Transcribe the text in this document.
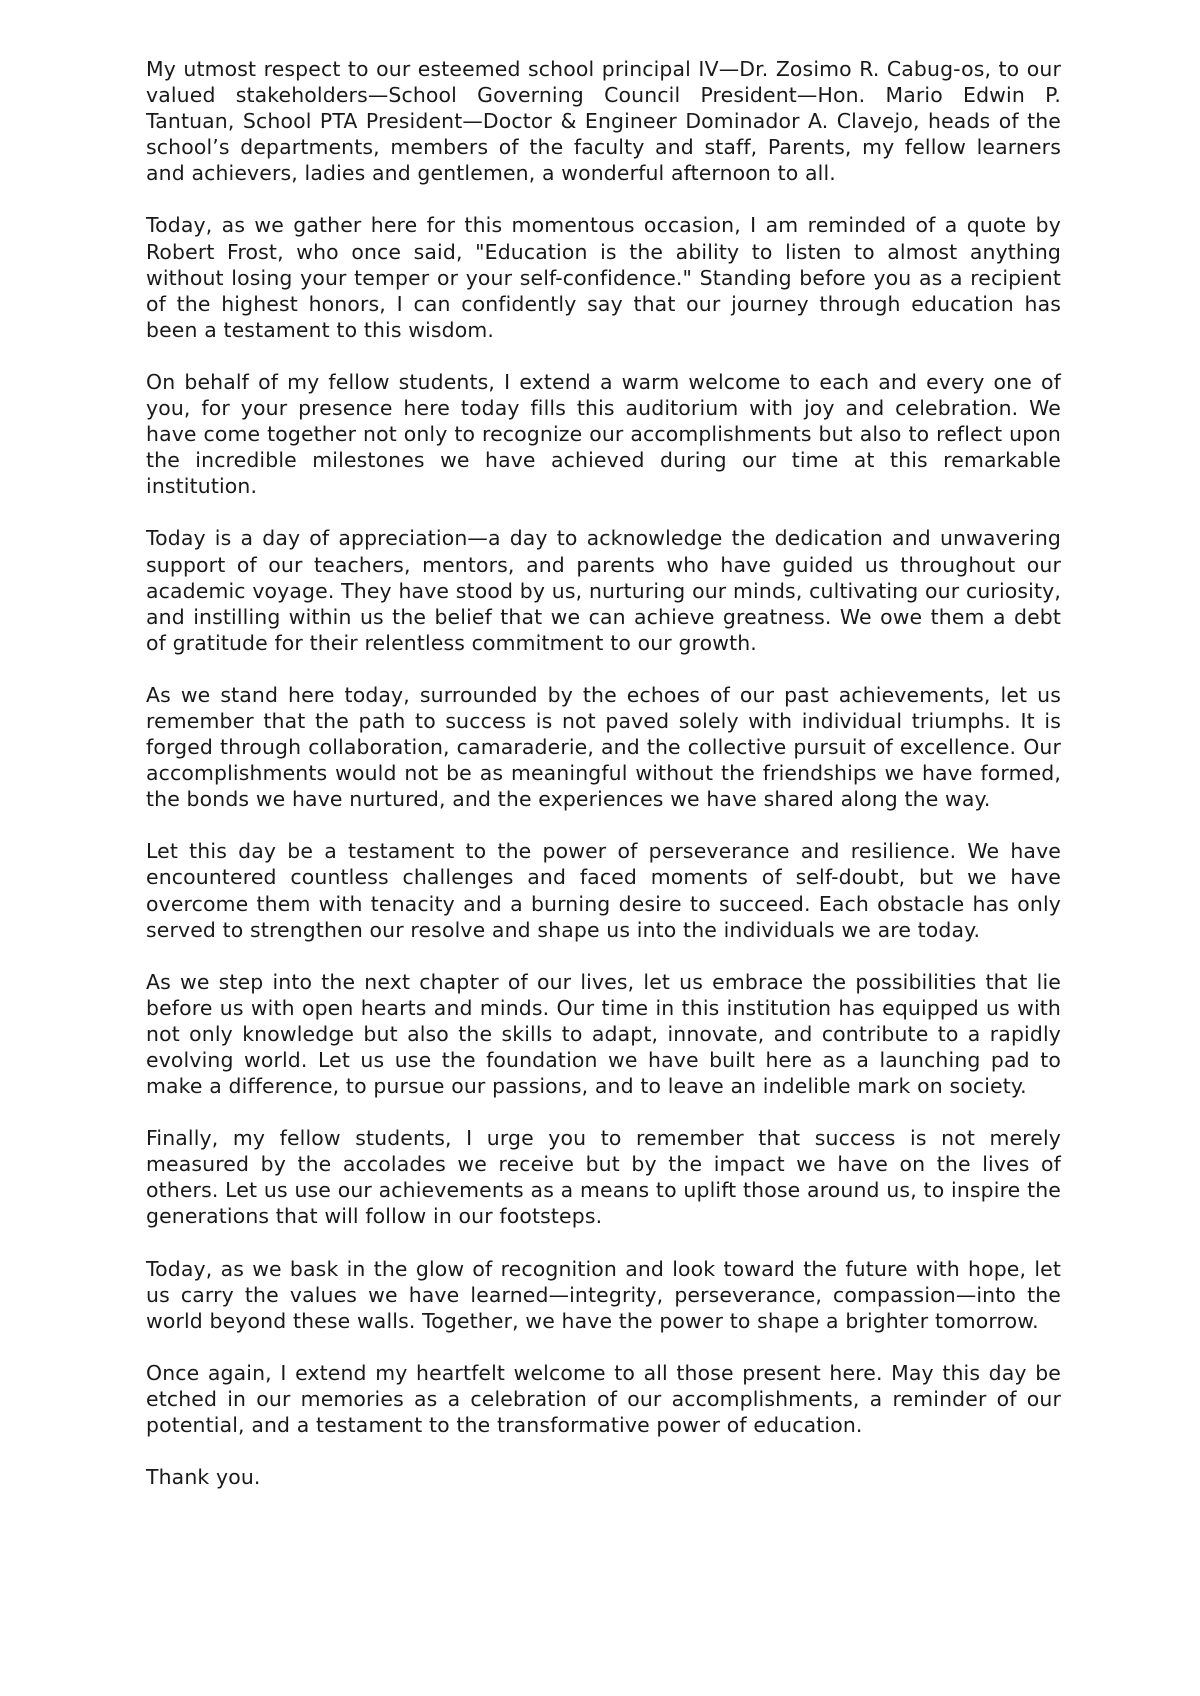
My utmost respect to our esteemed school principal IV—Dr. Zosimo R. Cabug-os, to our valued stakeholders—School Governing Council President—Hon. Mario Edwin P. Tantuan, School PTA President—Doctor & Engineer Dominador A. Clavejo, heads of the school’s departments, members of the faculty and staff, Parents, my fellow learners and achievers, ladies and gentlemen, a wonderful afternoon to all.

Today, as we gather here for this momentous occasion, I am reminded of a quote by Robert Frost, who once said, "Education is the ability to listen to almost anything without losing your temper or your self-confidence." Standing before you as a recipient of the highest honors, I can confidently say that our journey through education has been a testament to this wisdom.

On behalf of my fellow students, I extend a warm welcome to each and every one of you, for your presence here today fills this auditorium with joy and celebration. We have come together not only to recognize our accomplishments but also to reflect upon the incredible milestones we have achieved during our time at this remarkable institution.

Today is a day of appreciation—a day to acknowledge the dedication and unwavering support of our teachers, mentors, and parents who have guided us throughout our academic voyage. They have stood by us, nurturing our minds, cultivating our curiosity, and instilling within us the belief that we can achieve greatness. We owe them a debt of gratitude for their relentless commitment to our growth.

As we stand here today, surrounded by the echoes of our past achievements, let us remember that the path to success is not paved solely with individual triumphs. It is forged through collaboration, camaraderie, and the collective pursuit of excellence. Our accomplishments would not be as meaningful without the friendships we have formed, the bonds we have nurtured, and the experiences we have shared along the way.

Let this day be a testament to the power of perseverance and resilience. We have encountered countless challenges and faced moments of self-doubt, but we have overcome them with tenacity and a burning desire to succeed. Each obstacle has only served to strengthen our resolve and shape us into the individuals we are today.

As we step into the next chapter of our lives, let us embrace the possibilities that lie before us with open hearts and minds. Our time in this institution has equipped us with not only knowledge but also the skills to adapt, innovate, and contribute to a rapidly evolving world. Let us use the foundation we have built here as a launching pad to make a difference, to pursue our passions, and to leave an indelible mark on society.

Finally, my fellow students, I urge you to remember that success is not merely measured by the accolades we receive but by the impact we have on the lives of others. Let us use our achievements as a means to uplift those around us, to inspire the generations that will follow in our footsteps.

Today, as we bask in the glow of recognition and look toward the future with hope, let us carry the values we have learned—integrity, perseverance, compassion—into the world beyond these walls. Together, we have the power to shape a brighter tomorrow.

Once again, I extend my heartfelt welcome to all those present here. May this day be etched in our memories as a celebration of our accomplishments, a reminder of our potential, and a testament to the transformative power of education.

Thank you.
